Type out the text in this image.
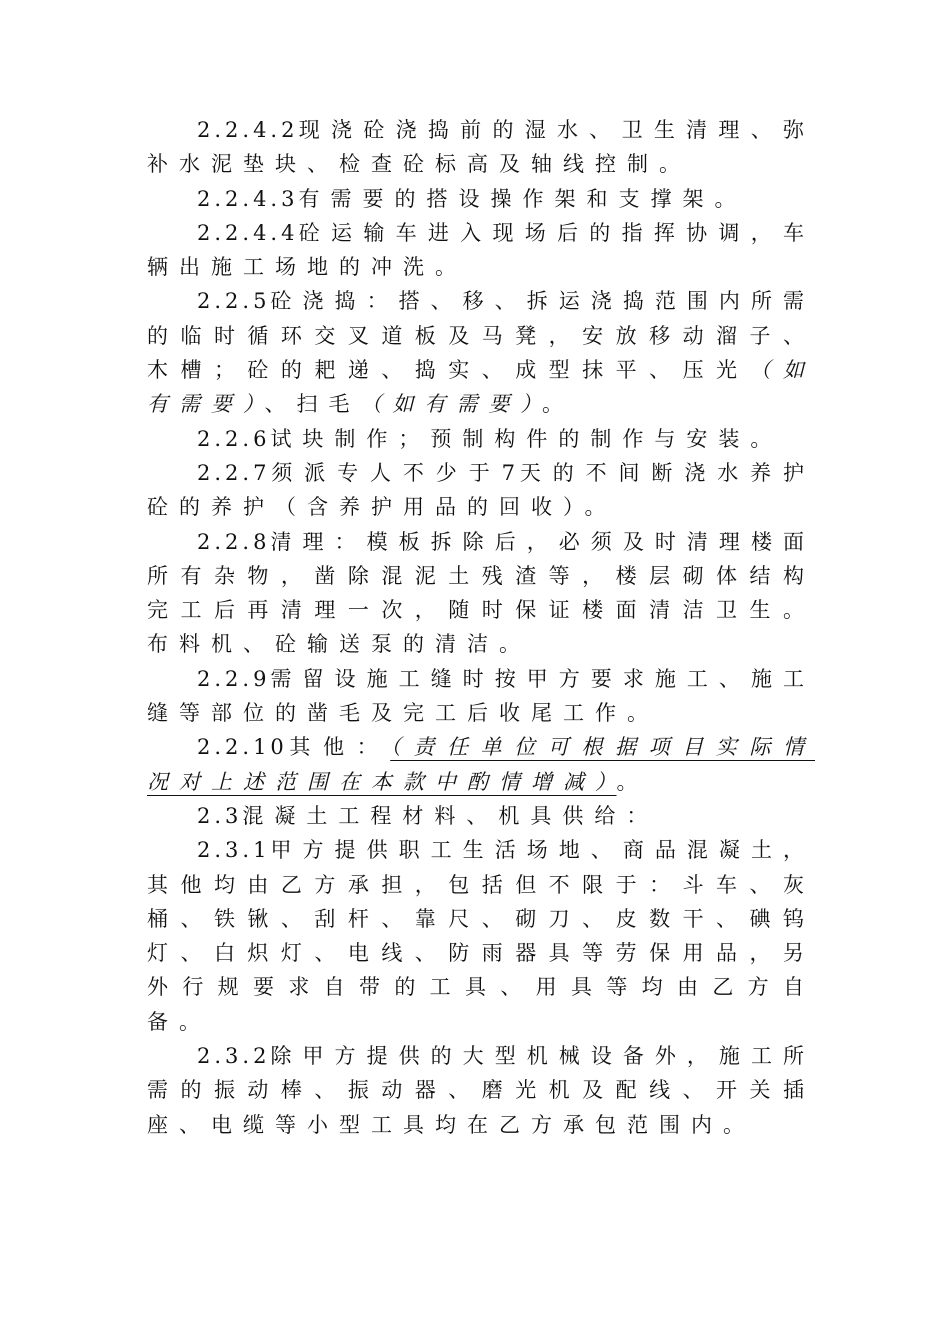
2.2.4.2现浇砼浇捣前的湿水、卫生清理、弥补水泥垫块、检查砼标高及轴线控制。

2.2.4.3有需要的搭设操作架和支撑架。

2.2.4.4砼运输车进入现场后的指挥协调，车辆出施工场地的冲洗。

2.2.5砼浇捣：搭、移、拆运浇捣范围内所需的临时循环交叉道板及马凳，安放移动溜子、木槽；砼的耙递、捣实、成型抹平、压光（如有需要）、扫毛（如有需要）。

2.2.6试块制作；预制构件的制作与安装。

2.2.7须派专人不少于7天的不间断浇水养护砼的养护（含养护用品的回收）。

2.2.8清理：模板拆除后，必须及时清理楼面所有杂物，凿除混泥土残渣等，楼层砌体结构完工后再清理一次，随时保证楼面清洁卫生。布料机、砼输送泵的清洁。

2.2.9需留设施工缝时按甲方要求施工、施工缝等部位的凿毛及完工后收尾工作。

2.2.10其他：（责任单位可根据项目实际情况对上述范围在本款中酌情增减）。

2.3混凝土工程材料、机具供给：

2.3.1甲方提供职工生活场地、商品混凝土，其他均由乙方承担，包括但不限于：斗车、灰桶、铁锹、刮杆、靠尺、砌刀、皮数干、碘钨灯、白炽灯、电线、防雨器具等劳保用品，另外行规要求自带的工具、用具等均由乙方自备。

2.3.2除甲方提供的大型机械设备外，施工所需的振动棒、振动器、磨光机及配线、开关插座、电缆等小型工具均在乙方承包范围内。
